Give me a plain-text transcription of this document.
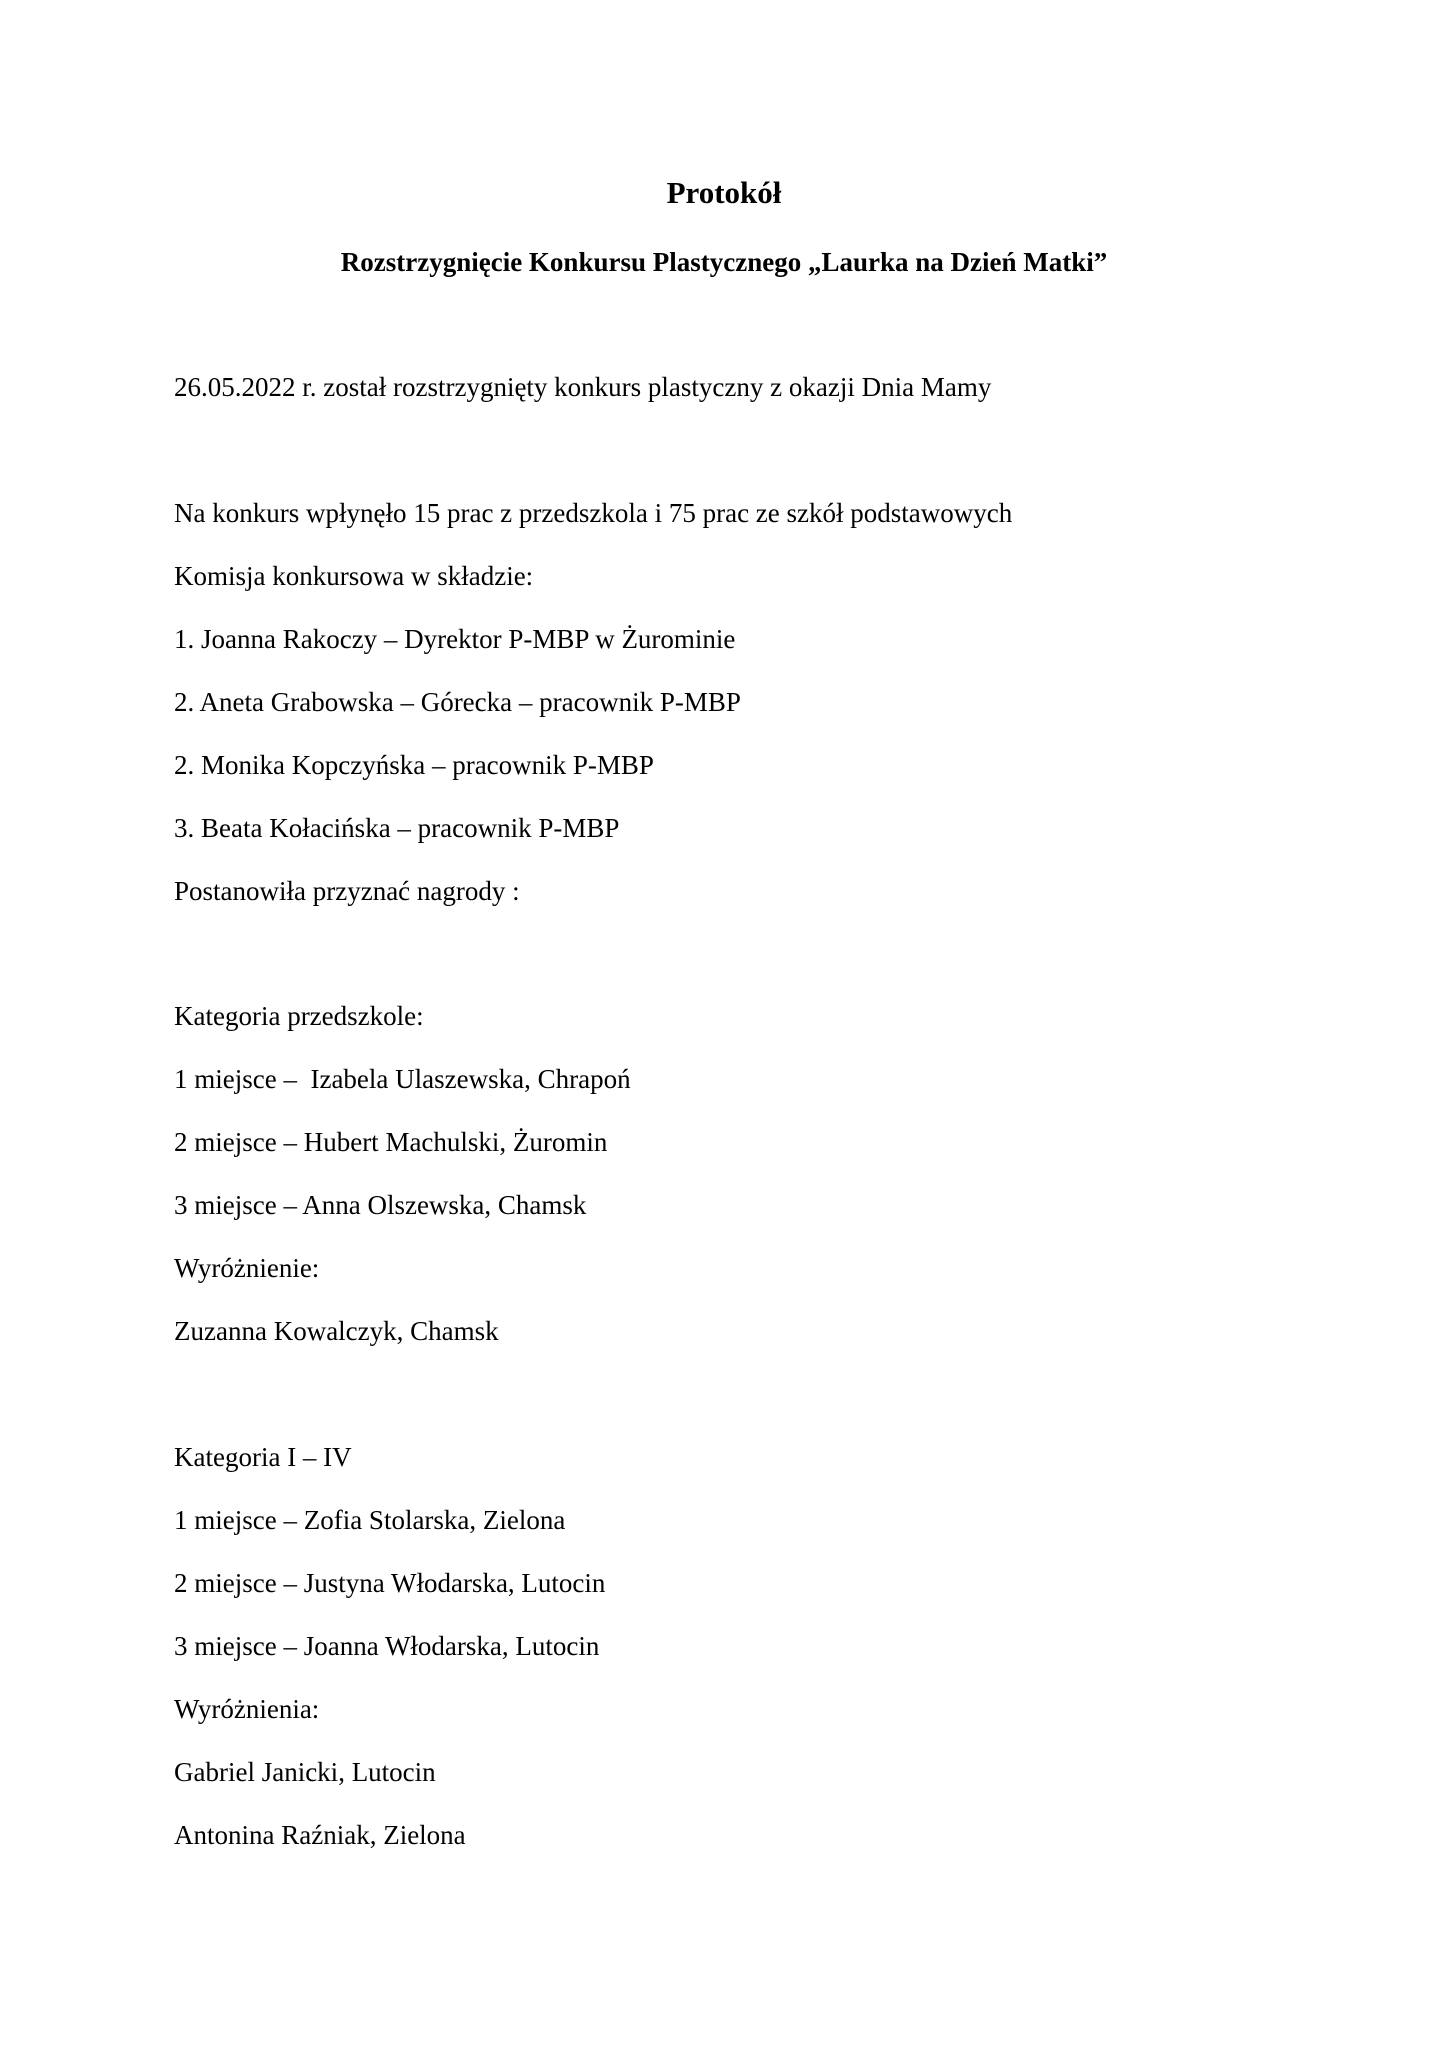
Protokół
Rozstrzygnięcie Konkursu Plastycznego „Laurka na Dzień Matki”
26.05.2022 r. został rozstrzygnięty konkurs plastyczny z okazji Dnia Mamy
Na konkurs wpłynęło 15 prac z przedszkola i 75 prac ze szkół podstawowych
Komisja konkursowa w składzie:
1. Joanna Rakoczy – Dyrektor P-MBP w Żurominie
2. Aneta Grabowska – Górecka – pracownik P-MBP
2. Monika Kopczyńska – pracownik P-MBP
3. Beata Kołacińska – pracownik P-MBP
Postanowiła przyznać nagrody :
Kategoria przedszkole:
1 miejsce –  Izabela Ulaszewska, Chrapoń
2 miejsce – Hubert Machulski, Żuromin
3 miejsce – Anna Olszewska, Chamsk
Wyróżnienie:
Zuzanna Kowalczyk, Chamsk
Kategoria I – IV
1 miejsce – Zofia Stolarska, Zielona
2 miejsce – Justyna Włodarska, Lutocin
3 miejsce – Joanna Włodarska, Lutocin
Wyróżnienia:
Gabriel Janicki, Lutocin
Antonina Raźniak, Zielona
